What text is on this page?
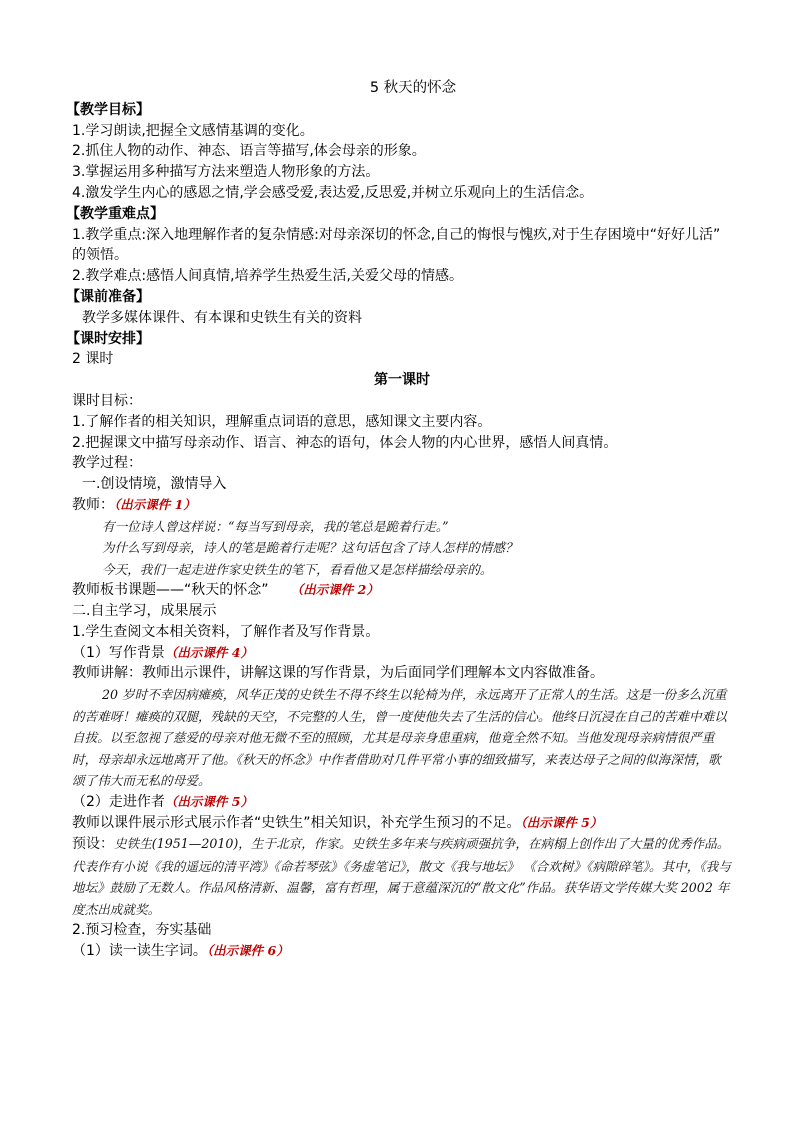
5 秋天的怀念

【教学目标】

1.学习朗读,把握全文感情基调的变化。

2.抓住人物的动作、神态、语言等描写,体会母亲的形象。

3.掌握运用多种描写方法来塑造人物形象的方法。

4.激发学生内心的感恩之情,学会感受爱,表达爱,反思爱,并树立乐观向上的生活信念。

【教学重难点】

1.教学重点:深入地理解作者的复杂情感:对母亲深切的怀念,自己的悔恨与愧疚,对于生存困境中“好好儿活”

的领悟。

2.教学难点:感悟人间真情,培养学生热爱生活,关爱父母的情感。

【课前准备】

教学多媒体课件、有本课和史铁生有关的资料

【课时安排】

2 课时

第一课时

课时目标：

1.了解作者的相关知识，理解重点词语的意思，感知课文主要内容。

2.把握课文中描写母亲动作、语言、神态的语句，体会人物的内心世界，感悟人间真情。

教学过程：

一.创设情境，激情导入

教师：（出示课件 1）

有一位诗人曾这样说：“每当写到母亲，我的笔总是跪着行走。”

为什么写到母亲，诗人的笔是跪着行走呢？这句话包含了诗人怎样的情感？

今天，我们一起走进作家史铁生的笔下，看看他又是怎样描绘母亲的。

教师板书课题——“秋天的怀念” （出示课件 2）

二.自主学习，成果展示

1.学生查阅文本相关资料，了解作者及写作背景。

（1）写作背景（出示课件 4）

教师讲解：教师出示课件，讲解这课的写作背景，为后面同学们理解本文内容做准备。

20 岁时不幸因病瘫痪，风华正茂的史铁生不得不终生以轮椅为伴，永远离开了正常人的生活。这是一份多么沉重的苦难呀！瘫痪的双腿，残缺的天空，不完整的人生，曾一度使他失去了生活的信心。他终日沉浸在自己的苦难中难以自拔。以至忽视了慈爱的母亲对他无微不至的照顾，尤其是母亲身患重病，他竟全然不知。当他发现母亲病情很严重时，母亲却永远地离开了他。《秋天的怀念》中作者借助对几件平常小事的细致描写，来表达母子之间的似海深情，歌颂了伟大而无私的母爱。

（2）走进作者（出示课件 5）

教师以课件展示形式展示作者“史铁生”相关知识，补充学生预习的不足。（出示课件 5）

预设：史铁生(1951—2010)，生于北京，作家。史铁生多年来与疾病顽强抗争，在病榻上创作出了大量的优秀作品。代表作有小说《我的遥远的清平湾》《命若琴弦》《务虚笔记》，散文《我与地坛》 《合欢树》《病隙碎笔》。其中，《我与地坛》鼓励了无数人。作品风格清新、温馨，富有哲理，属于意蕴深沉的“散文化”作品。获华语文学传媒大奖 2002 年度杰出成就奖。

2.预习检查，夯实基础

（1）读一读生字词。（出示课件 6）
